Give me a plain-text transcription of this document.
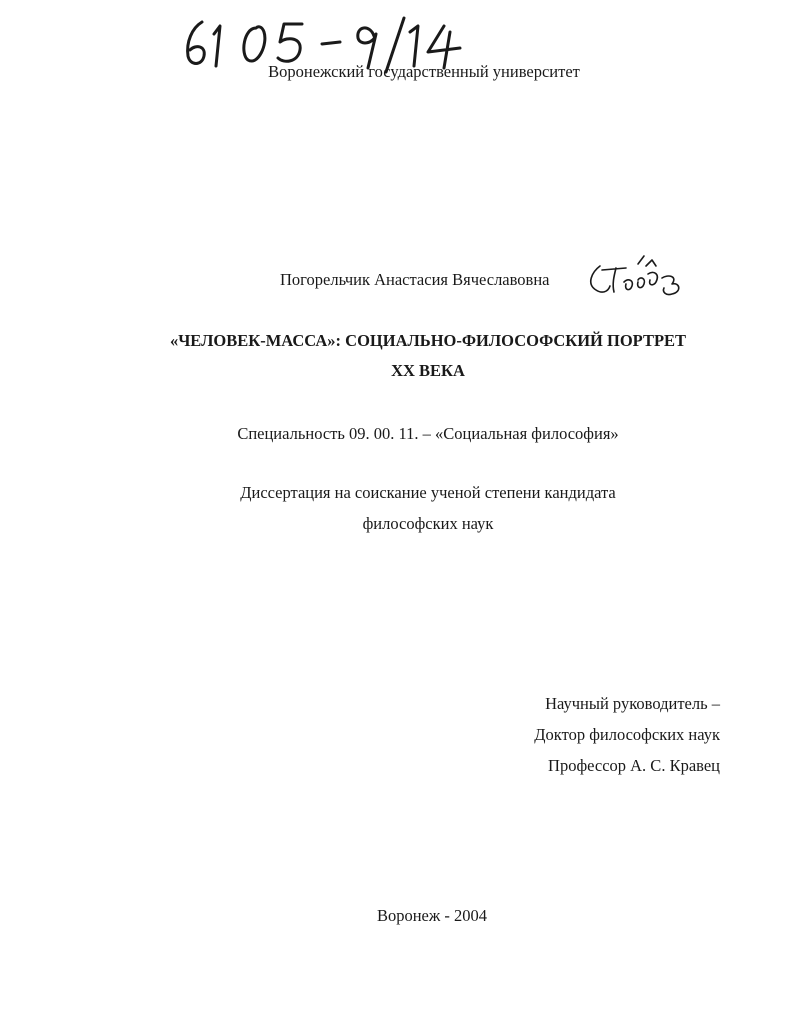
Воронежский государственный университет
Погорельчик Анастасия Вячеславовна
«ЧЕЛОВЕК-МАССА»: СОЦИАЛЬНО-ФИЛОСОФСКИЙ ПОРТРЕТ
XX ВЕКА
Специальность 09. 00. 11. – «Социальная философия»
Диссертация на соискание ученой степени кандидата
философских наук
Научный руководитель –
Доктор философских наук
Профессор А. С. Кравец
Воронеж - 2004
